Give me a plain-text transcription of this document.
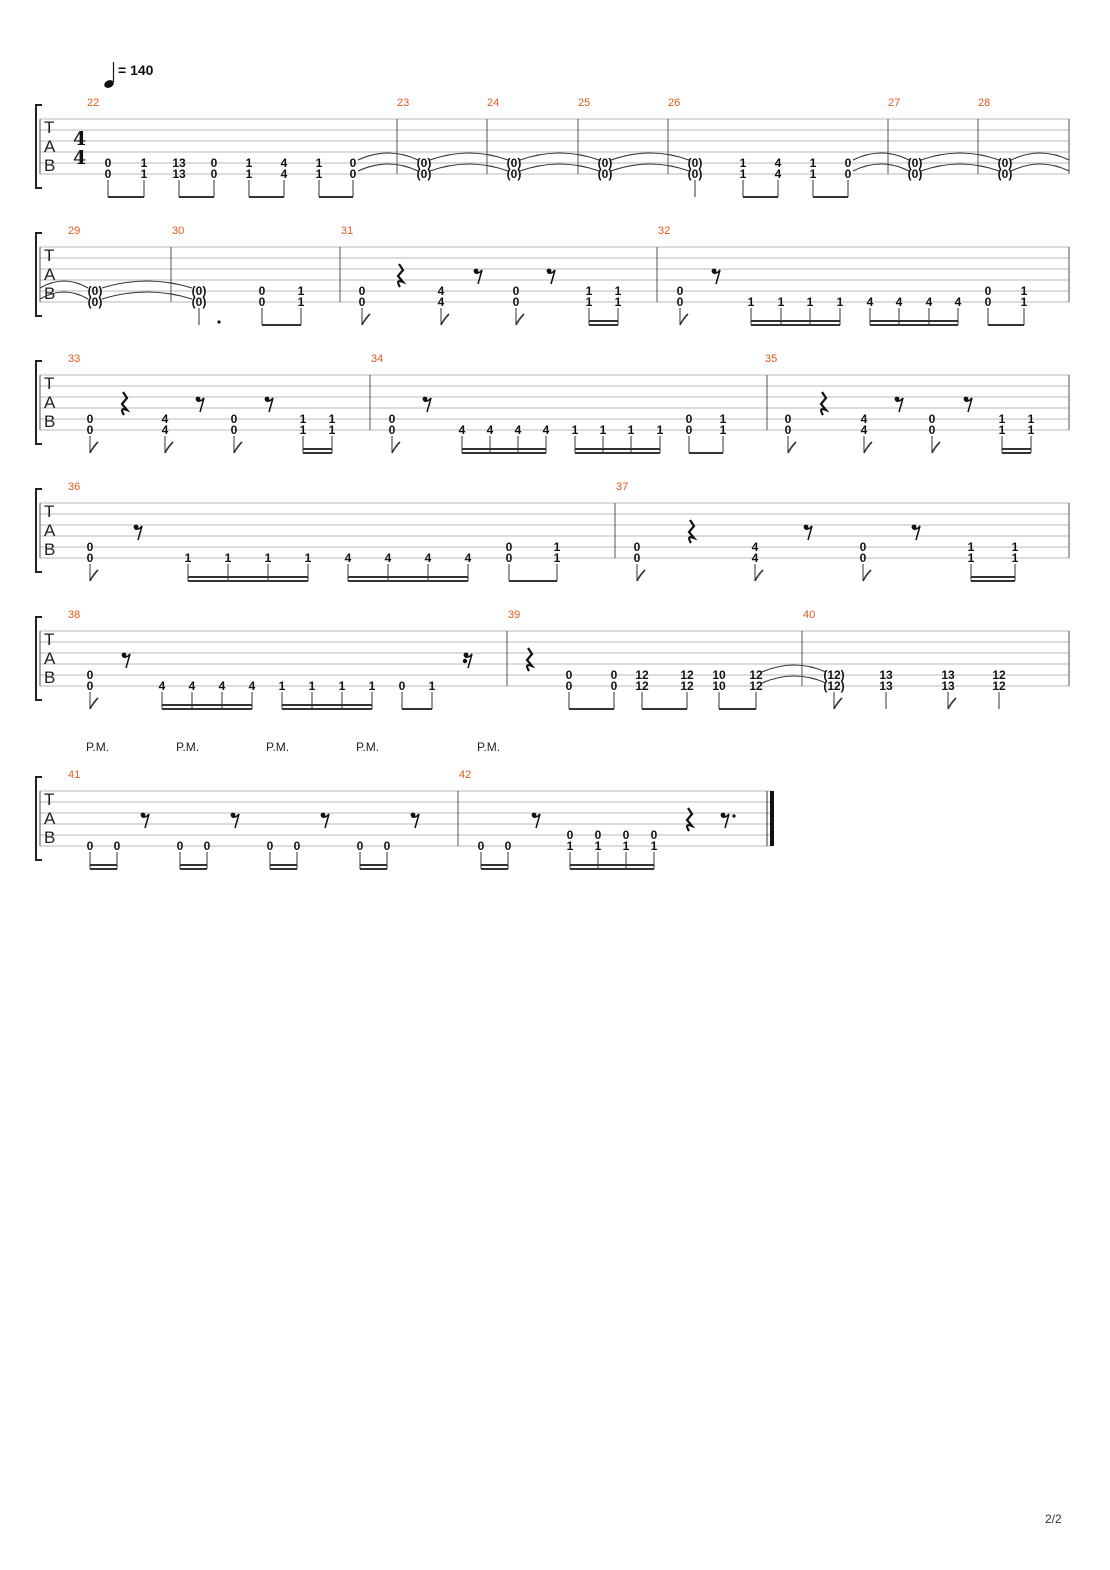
= 140
T
A
B
4
4
22
0
0
1
1
13
13
0
0
1
1
4
4
1
1
0
0
23
(0)
(0)
24
(0)
(0)
25
(0)
(0)
26
(0)
(0)
1
1
4
4
1
1
0
0
27
(0)
(0)
28
(0)
(0)
T
A
B
29
(0)
(0)
30
(0)
(0)
0
0
1
1
31
0
0
4
4
0
0
1
1
1
1
32
0
0	1 1 1 1 4 4 4 4
0
0
1
1
T
A
B
33
0
0
4
4
0
0
1
1
1
1
34
0
0	4 4 4 4 1 1 1 1
0
0
1
1
35
0
0
4
4
0
0
1
1
1
1
T
A
B
36
0
0	1	1	1	1	4	4	4	4
0
0
1
1
37
0
0
4
4
0
0
1
1
1
1
T
A
B
38
0
0	4 4 4 4 1 1 1 1 0 1
39
0
0
0
0
12
12
12
12
10
10
12
12
40
(12)
(12)
13
13
13
13
12
12
T
A
B
41
0 0	0 0	0 0	0 0
42
0 0
0
1
0
1
0
1
0
1
P.M.	P.M.	P.M.	P.M.	P.M.
2/2
